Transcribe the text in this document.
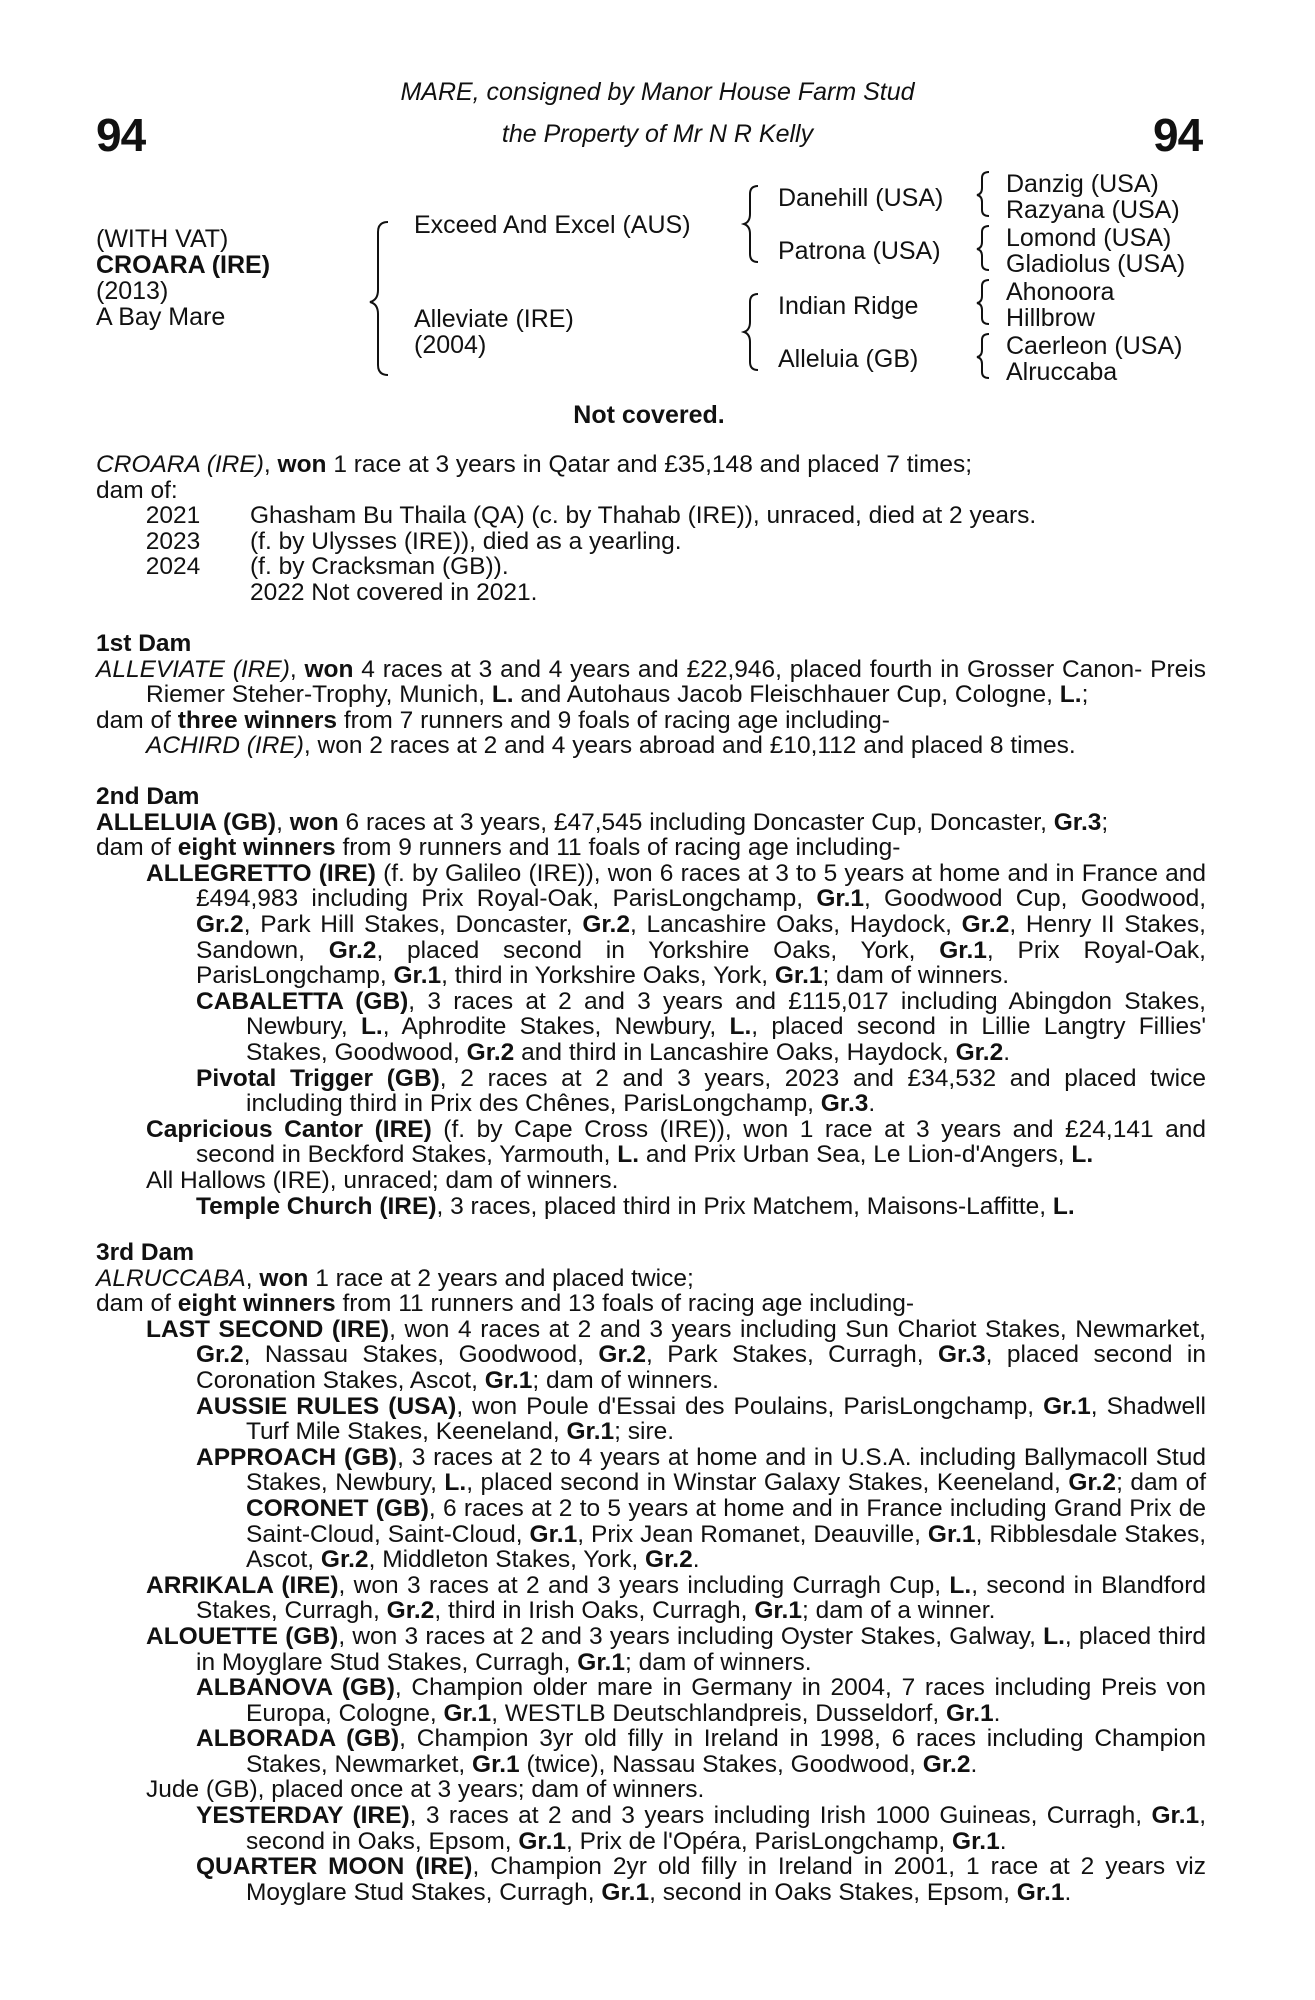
94	94
MARE, consigned by Manor House Farm Stud
the Property of Mr N R Kelly
(WITH VAT)
CROARA (IRE)
(2013)
A Bay Mare
Exceed And Excel (AUS)
Alleviate (IRE)
(2004)
Danehill (USA)
Patrona (USA)
Indian Ridge
Alleluia (GB)
Danzig (USA)
Razyana (USA)
Lomond (USA)
Gladiolus (USA)
Ahonoora
Hillbrow
Caerleon (USA)
Alruccaba
Not covered.

CROARA (IRE), won 1 race at 3 years in Qatar and £35,148 and placed 7 times;

dam of:

2021 Ghasham Bu Thaila (QA) (c. by Thahab (IRE)), unraced, died at 2 years.

2023 (f. by Ulysses (IRE)), died as a yearling.

2024 (f. by Cracksman (GB)).

2022 Not covered in 2021.

1st Dam

ALLEVIATE (IRE), won 4 races at 3 and 4 years and £22,946, placed fourth in Grosser Canon- Preis Riemer Steher-Trophy, Munich, L. and Autohaus Jacob Fleischhauer Cup, Cologne, L.;

dam of three winners from 7 runners and 9 foals of racing age including-

ACHIRD (IRE), won 2 races at 2 and 4 years abroad and £10,112 and placed 8 times.

2nd Dam

ALLELUIA (GB), won 6 races at 3 years, £47,545 including Doncaster Cup, Doncaster, Gr.3;

dam of eight winners from 9 runners and 11 foals of racing age including-

ALLEGRETTO (IRE) (f. by Galileo (IRE)), won 6 races at 3 to 5 years at home and in France and £494,983 including Prix Royal-Oak, ParisLongchamp, Gr.1, Goodwood Cup, Goodwood, Gr.2, Park Hill Stakes, Doncaster, Gr.2, Lancashire Oaks, Haydock, Gr.2, Henry II Stakes, Sandown, Gr.2, placed second in Yorkshire Oaks, York, Gr.1, Prix Royal-Oak, ParisLongchamp, Gr.1, third in Yorkshire Oaks, York, Gr.1; dam of winners.

CABALETTA (GB), 3 races at 2 and 3 years and £115,017 including Abingdon Stakes, Newbury, L., Aphrodite Stakes, Newbury, L., placed second in Lillie Langtry Fillies' Stakes, Goodwood, Gr.2 and third in Lancashire Oaks, Haydock, Gr.2.

Pivotal Trigger (GB), 2 races at 2 and 3 years, 2023 and £34,532 and placed twice including third in Prix des Chênes, ParisLongchamp, Gr.3.

Capricious Cantor (IRE) (f. by Cape Cross (IRE)), won 1 race at 3 years and £24,141 and second in Beckford Stakes, Yarmouth, L. and Prix Urban Sea, Le Lion-d'Angers, L.

All Hallows (IRE), unraced; dam of winners.

Temple Church (IRE), 3 races, placed third in Prix Matchem, Maisons-Laffitte, L.

3rd Dam

ALRUCCABA, won 1 race at 2 years and placed twice;

dam of eight winners from 11 runners and 13 foals of racing age including-

LAST SECOND (IRE), won 4 races at 2 and 3 years including Sun Chariot Stakes, Newmarket, Gr.2, Nassau Stakes, Goodwood, Gr.2, Park Stakes, Curragh, Gr.3, placed second in Coronation Stakes, Ascot, Gr.1; dam of winners.

AUSSIE RULES (USA), won Poule d'Essai des Poulains, ParisLongchamp, Gr.1, Shadwell Turf Mile Stakes, Keeneland, Gr.1; sire.

APPROACH (GB), 3 races at 2 to 4 years at home and in U.S.A. including Ballymacoll Stud Stakes, Newbury, L., placed second in Winstar Galaxy Stakes, Keeneland, Gr.2; dam of CORONET (GB), 6 races at 2 to 5 years at home and in France including Grand Prix de Saint-Cloud, Saint-Cloud, Gr.1, Prix Jean Romanet, Deauville, Gr.1, Ribblesdale Stakes, Ascot, Gr.2, Middleton Stakes, York, Gr.2.

ARRIKALA (IRE), won 3 races at 2 and 3 years including Curragh Cup, L., second in Blandford Stakes, Curragh, Gr.2, third in Irish Oaks, Curragh, Gr.1; dam of a winner.

ALOUETTE (GB), won 3 races at 2 and 3 years including Oyster Stakes, Galway, L., placed third in Moyglare Stud Stakes, Curragh, Gr.1; dam of winners.

ALBANOVA (GB), Champion older mare in Germany in 2004, 7 races including Preis von Europa, Cologne, Gr.1, WESTLB Deutschlandpreis, Dusseldorf, Gr.1.

ALBORADA (GB), Champion 3yr old filly in Ireland in 1998, 6 races including Champion Stakes, Newmarket, Gr.1 (twice), Nassau Stakes, Goodwood, Gr.2.

Jude (GB), placed once at 3 years; dam of winners.

YESTERDAY (IRE), 3 races at 2 and 3 years including Irish 1000 Guineas, Curragh, Gr.1, second in Oaks, Epsom, Gr.1, Prix de l'Opéra, ParisLongchamp, Gr.1.

QUARTER MOON (IRE), Champion 2yr old filly in Ireland in 2001, 1 race at 2 years viz Moyglare Stud Stakes, Curragh, Gr.1, second in Oaks Stakes, Epsom, Gr.1.
